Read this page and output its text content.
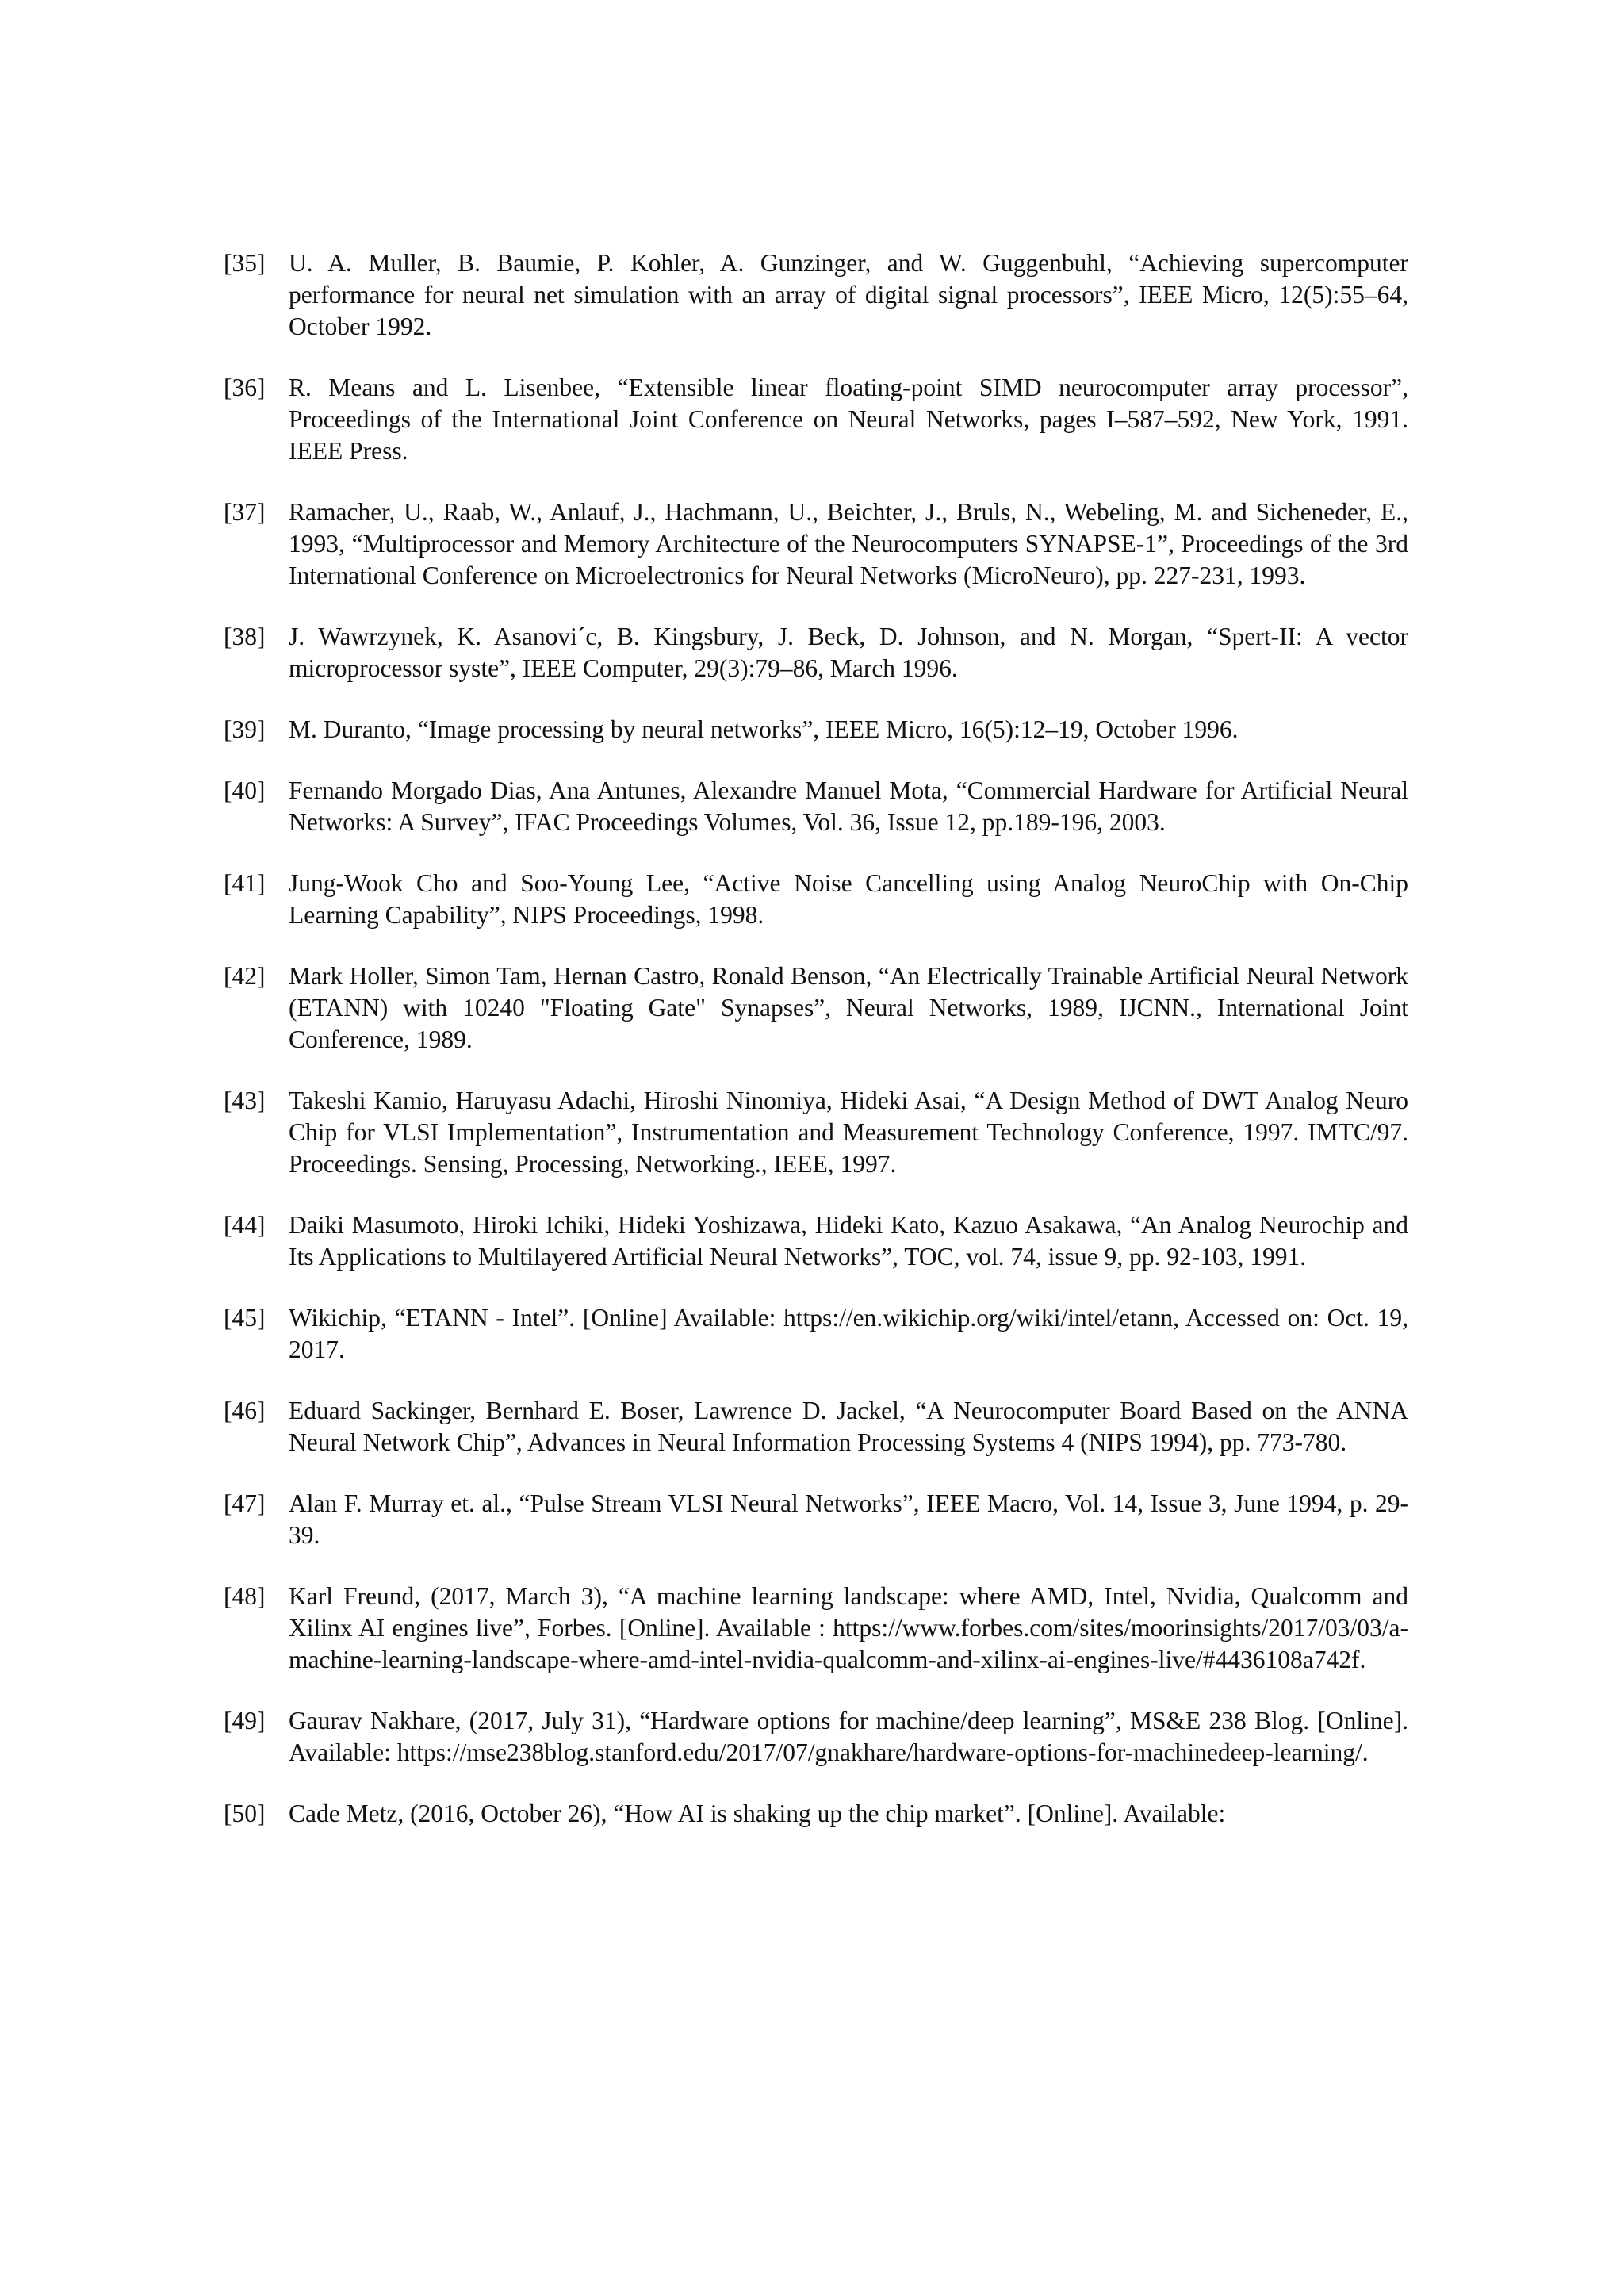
[35] U. A. Muller, B. Baumie, P. Kohler, A. Gunzinger, and W. Guggenbuhl, “Achieving supercomputer performance for neural net simulation with an array of digital signal processors”, IEEE Micro, 12(5):55–64, October 1992.
[36] R. Means and L. Lisenbee, “Extensible linear floating-point SIMD neurocomputer array processor”, Proceedings of the International Joint Conference on Neural Networks, pages I–587–592, New York, 1991. IEEE Press.
[37] Ramacher, U., Raab, W., Anlauf, J., Hachmann, U., Beichter, J., Bruls, N., Webeling, M. and Sicheneder, E., 1993, “Multiprocessor and Memory Architecture of the Neurocomputers SYNAPSE-1”, Proceedings of the 3rd International Conference on Microelectronics for Neural Networks (MicroNeuro), pp. 227-231, 1993.
[38] J. Wawrzynek, K. Asanovi´c, B. Kingsbury, J. Beck, D. Johnson, and N. Morgan, “Spert-II: A vector microprocessor syste”, IEEE Computer, 29(3):79–86, March 1996.
[39] M. Duranto, “Image processing by neural networks”, IEEE Micro, 16(5):12–19, October 1996.
[40] Fernando Morgado Dias, Ana Antunes, Alexandre Manuel Mota, “Commercial Hardware for Artificial Neural Networks: A Survey”, IFAC Proceedings Volumes, Vol. 36, Issue 12, pp.189-196, 2003.
[41] Jung-Wook Cho and Soo-Young Lee, “Active Noise Cancelling using Analog NeuroChip with On-Chip Learning Capability”, NIPS Proceedings, 1998.
[42] Mark Holler, Simon Tam, Hernan Castro, Ronald Benson, “An Electrically Trainable Artificial Neural Network (ETANN) with 10240 "Floating Gate" Synapses”, Neural Networks, 1989, IJCNN., International Joint Conference, 1989.
[43] Takeshi Kamio, Haruyasu Adachi, Hiroshi Ninomiya, Hideki Asai, “A Design Method of DWT Analog Neuro Chip for VLSI Implementation”, Instrumentation and Measurement Technology Conference, 1997. IMTC/97. Proceedings. Sensing, Processing, Networking., IEEE, 1997.
[44] Daiki Masumoto, Hiroki Ichiki, Hideki Yoshizawa, Hideki Kato, Kazuo Asakawa, “An Analog Neurochip and Its Applications to Multilayered Artificial Neural Networks”, TOC, vol. 74, issue 9, pp. 92-103, 1991.
[45] Wikichip, “ETANN - Intel”. [Online] Available: https://en.wikichip.org/wiki/intel/etann, Accessed on: Oct. 19, 2017.
[46] Eduard Sackinger, Bernhard E. Boser, Lawrence D. Jackel, “A Neurocomputer Board Based on the ANNA Neural Network Chip”, Advances in Neural Information Processing Systems 4 (NIPS 1994), pp. 773-780.
[47] Alan F. Murray et. al., “Pulse Stream VLSI Neural Networks”, IEEE Macro, Vol. 14, Issue 3, June 1994, p. 29-39.
[48] Karl Freund, (2017, March 3), “A machine learning landscape: where AMD, Intel, Nvidia, Qualcomm and Xilinx AI engines live”, Forbes. [Online]. Available : https://www.forbes.com/sites/moorinsights/2017/03/03/a-machine-learning-landscape-where-amd-intel-nvidia-qualcomm-and-xilinx-ai-engines-live/#4436108a742f.
[49] Gaurav Nakhare, (2017, July 31), “Hardware options for machine/deep learning”, MS&E 238 Blog. [Online]. Available: https://mse238blog.stanford.edu/2017/07/gnakhare/hardware-options-for-machinedeep-learning/.
[50] Cade Metz, (2016, October 26), “How AI is shaking up the chip market”. [Online]. Available:
